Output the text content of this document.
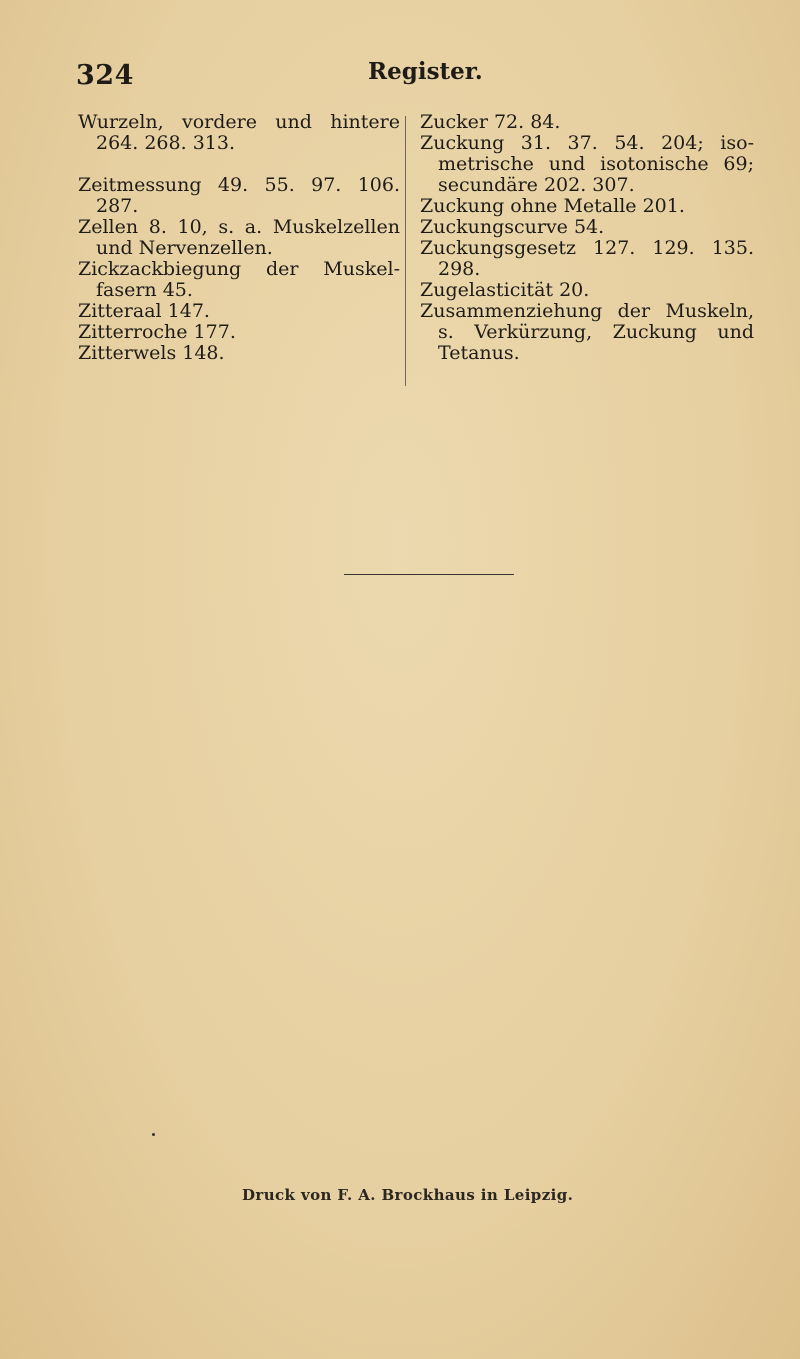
324	Register.
Wurzeln, vordere und hintere 264. 268. 313.
Zeitmessung 49. 55. 97. 106. 287.
Zellen 8. 10, s. a. Muskelzellen und Nervenzellen.
Zickzackbiegung der Muskelfasern 45.
Zitteraal 147.
Zitterroche 177.
Zitterwels 148.
Zucker 72. 84.
Zuckung 31. 37. 54. 204; isometrische und isotonische 69; secundäre 202. 307.
Zuckung ohne Metalle 201.
Zuckungscurve 54.
Zuckungsgesetz 127. 129. 135. 298.
Zugelasticität 20.
Zusammenziehung der Muskeln, s. Verkürzung, Zuckung und Tetanus.
Druck von F. A. Brockhaus in Leipzig.
